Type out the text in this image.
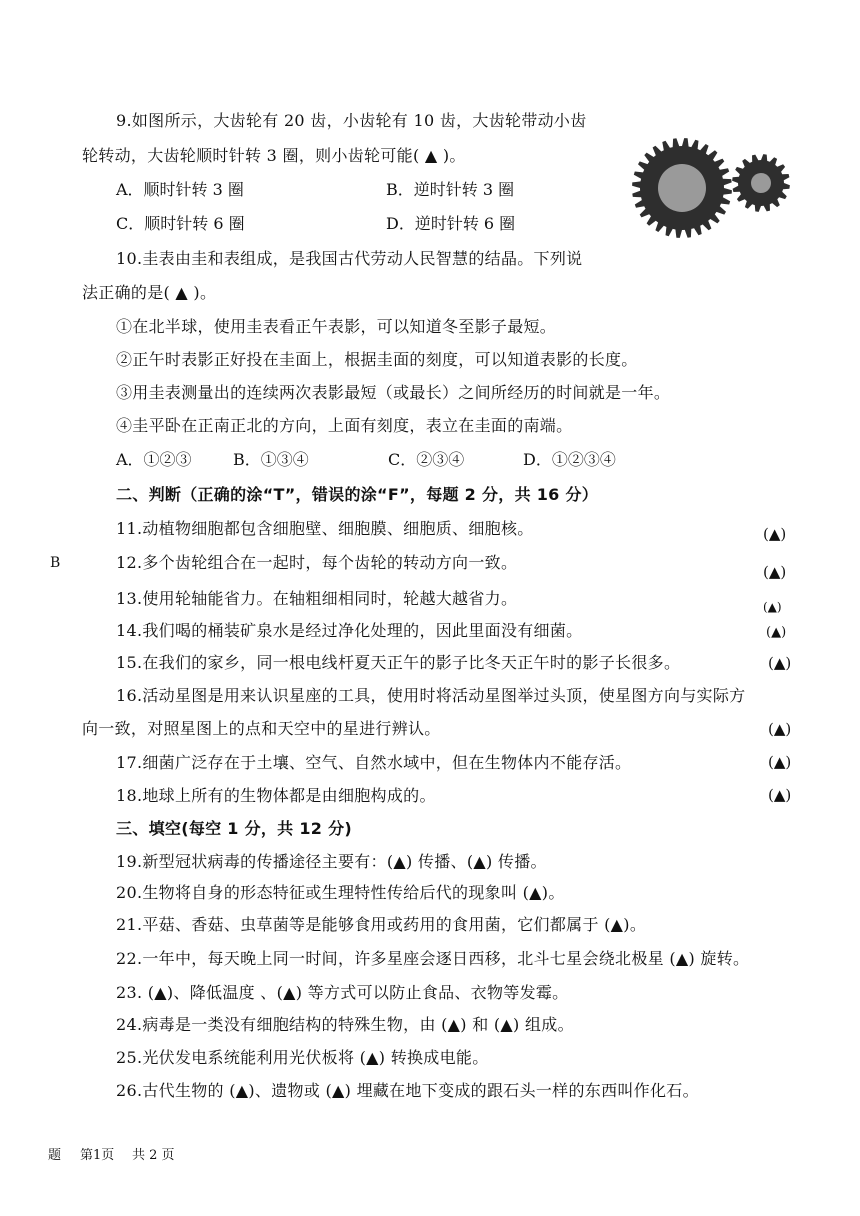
9.如图所示，大齿轮有 20 齿，小齿轮有 10 齿，大齿轮带动小齿
轮转动，大齿轮顺时针转 3 圈，则小齿轮可能( ▲ )。
A．顺时针转 3 圈	B．逆时针转 3 圈
C．顺时针转 6 圈	D．逆时针转 6 圈
10.圭表由圭和表组成，是我国古代劳动人民智慧的结晶。下列说
法正确的是( ▲ )。
①在北半球，使用圭表看正午表影，可以知道冬至影子最短。
②正午时表影正好投在圭面上，根据圭面的刻度，可以知道表影的长度。
③用圭表测量出的连续两次表影最短（或最长）之间所经历的时间就是一年。
④圭平卧在正南正北的方向，上面有刻度，表立在圭面的南端。
A．①②③	B．①③④	C．②③④	D．①②③④
二、判断（正确的涂“T”，错误的涂“F”，每题 2 分，共 16 分）
11.动植物细胞都包含细胞壁、细胞膜、细胞质、细胞核。	(▲)
B	12.多个齿轮组合在一起时，每个齿轮的转动方向一致。	(▲)
13.使用轮轴能省力。在轴粗细相同时，轮越大越省力。	(▲)
14.我们喝的桶装矿泉水是经过净化处理的，因此里面没有细菌。	(▲)
15.在我们的家乡，同一根电线杆夏天正午的影子比冬天正午时的影子长很多。	(▲)
16.活动星图是用来认识星座的工具，使用时将活动星图举过头顶，使星图方向与实际方
向一致，对照星图上的点和天空中的星进行辨认。	(▲)
17.细菌广泛存在于土壤、空气、自然水域中，但在生物体内不能存活。	(▲)
18.地球上所有的生物体都是由细胞构成的。	(▲)
三、填空(每空 1 分，共 12 分)
19.新型冠状病毒的传播途径主要有：(▲) 传播、(▲) 传播。
20.生物将自身的形态特征或生理特性传给后代的现象叫 (▲)。
21.平菇、香菇、虫草菌等是能够食用或药用的食用菌，它们都属于 (▲)。
22.一年中，每天晚上同一时间，许多星座会逐日西移，北斗七星会绕北极星 (▲) 旋转。
23. (▲)、降低温度 、(▲) 等方式可以防止食品、衣物等发霉。
24.病毒是一类没有细胞结构的特殊生物，由 (▲) 和 (▲) 组成。
25.光伏发电系统能利用光伏板将 (▲) 转换成电能。
26.古代生物的 (▲)、遗物或 (▲) 埋藏在地下变成的跟石头一样的东西叫作化石。
题 第1页 共 2 页
